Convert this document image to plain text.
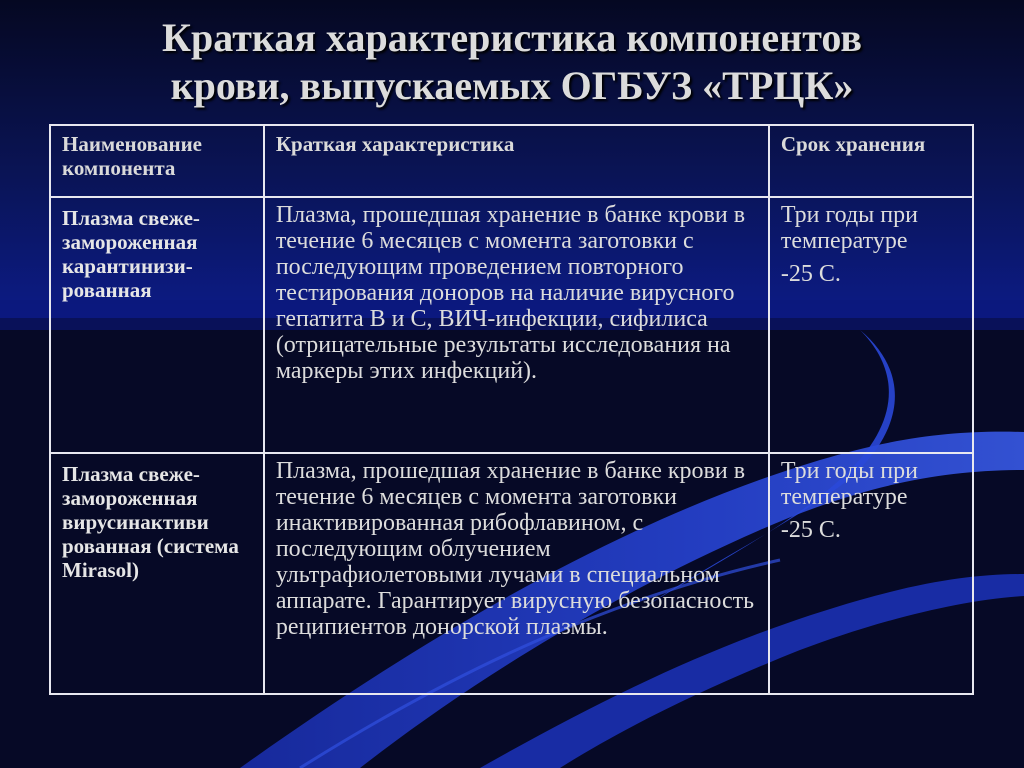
Краткая характеристика компонентов
крови, выпускаемых ОГБУЗ «ТРЦК»
Наименование компонента	Краткая характеристика	Срок хранения
Плазма свеже-замороженная карантинизи-рованная	Плазма, прошедшая хранение в банке крови в течение 6 месяцев с момента заготовки с последующим проведением повторного тестирования доноров на наличие вирусного гепатита В и С, ВИЧ-инфекции, сифилиса (отрицательные результаты исследования на маркеры этих инфекций).	Три годы при температуре
-25 С.

Плазма свеже-замороженная вирусинактиви рованная (система Mirasol)	Плазма, прошедшая хранение в банке крови в течение 6 месяцев с момента заготовки инактивированная рибофлавином, с последующим облучением ультрафиолетовыми лучами в специальном аппарате. Гарантирует вирусную безопасность реципиентов донорской плазмы.	Три годы при температуре
-25 С.
